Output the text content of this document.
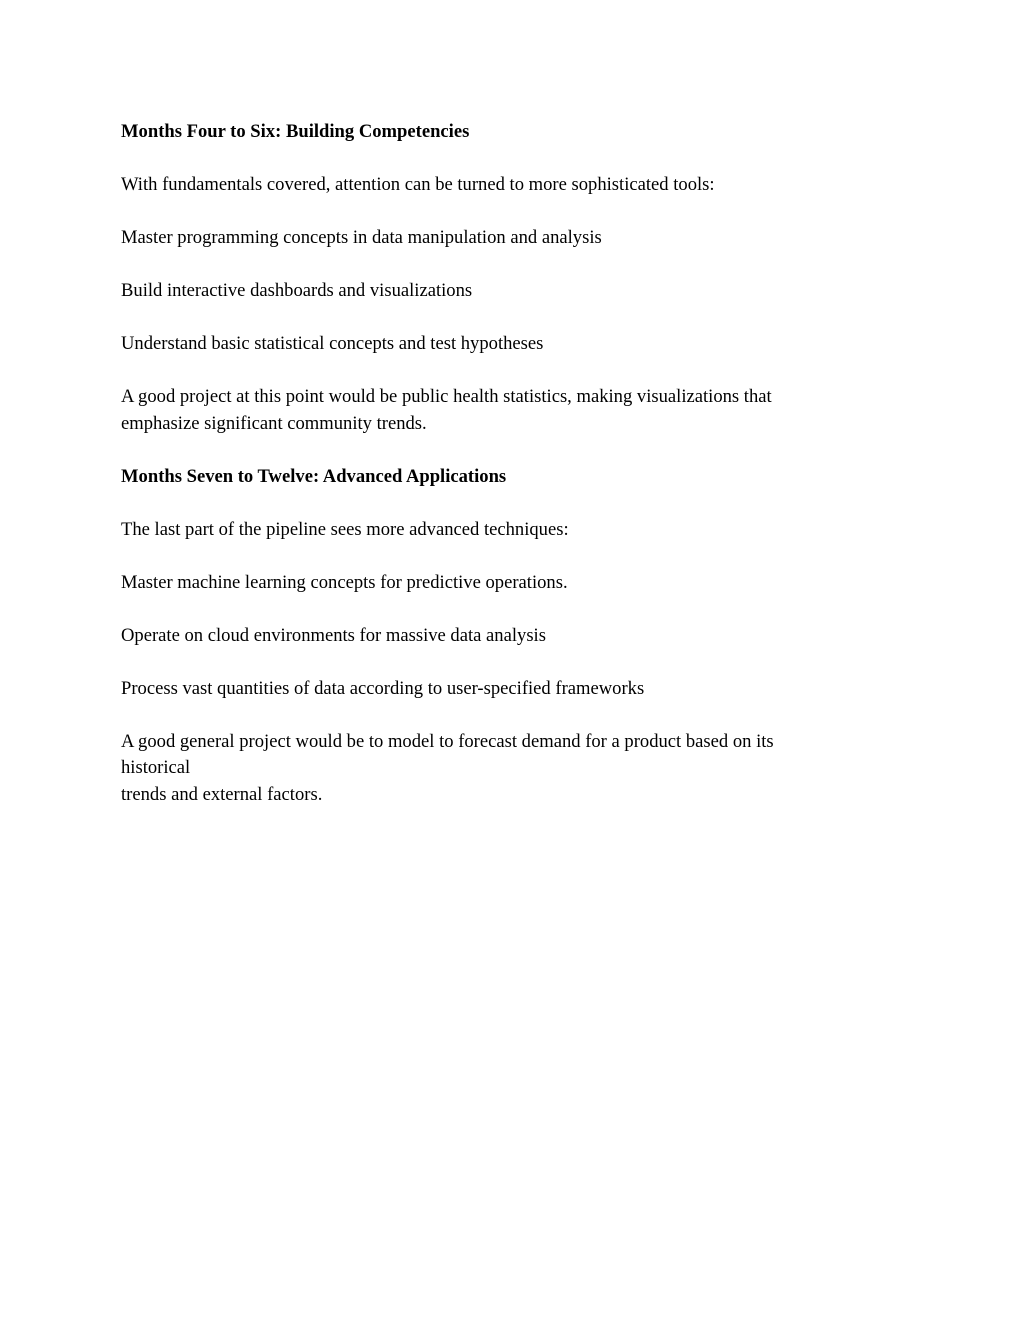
Months Four to Six: Building Competencies

With fundamentals covered, attention can be turned to more sophisticated tools:

Master programming concepts in data manipulation and analysis

Build interactive dashboards and visualizations

Understand basic statistical concepts and test hypotheses

A good project at this point would be public health statistics, making visualizations that
emphasize significant community trends.

Months Seven to Twelve: Advanced Applications

The last part of the pipeline sees more advanced techniques:

Master machine learning concepts for predictive operations.

Operate on cloud environments for massive data analysis

Process vast quantities of data according to user-specified frameworks

A good general project would be to model to forecast demand for a product based on its
historical
trends and external factors.
